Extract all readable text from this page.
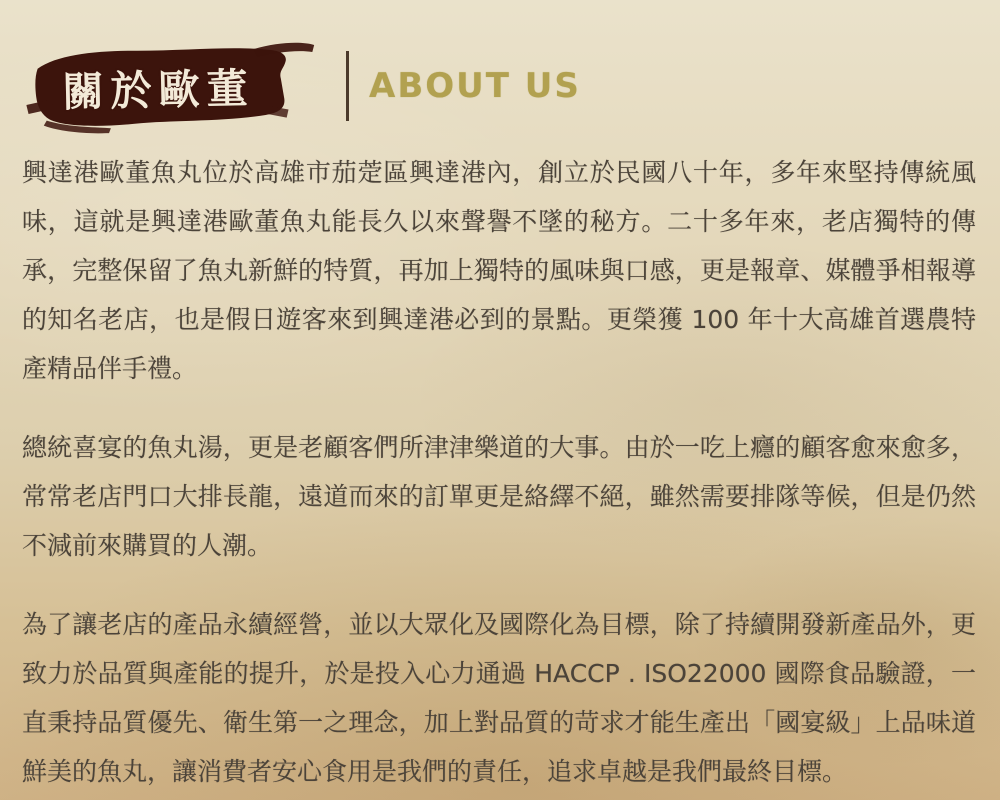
關於歐董	ABOUT US

興達港歐董魚丸位於高雄市茄萣區興達港內，創立於民國八十年，多年來堅持傳統風味，這就是興達港歐董魚丸能長久以來聲譽不墜的秘方。二十多年來，老店獨特的傳承，完整保留了魚丸新鮮的特質，再加上獨特的風味與口感，更是報章、媒體爭相報導的知名老店，也是假日遊客來到興達港必到的景點。更榮獲 100 年十大高雄首選農特產精品伴手禮。

總統喜宴的魚丸湯，更是老顧客們所津津樂道的大事。由於一吃上癮的顧客愈來愈多，常常老店門口大排長龍，遠道而來的訂單更是絡繹不絕，雖然需要排隊等候，但是仍然不減前來購買的人潮。

為了讓老店的產品永續經營，並以大眾化及國際化為目標，除了持續開發新產品外，更致力於品質與產能的提升，於是投入心力通過 HACCP . ISO22000 國際食品驗證，一直秉持品質優先、衛生第一之理念，加上對品質的苛求才能生產出「國宴級」上品味道鮮美的魚丸，讓消費者安心食用是我們的責任，追求卓越是我們最終目標。
